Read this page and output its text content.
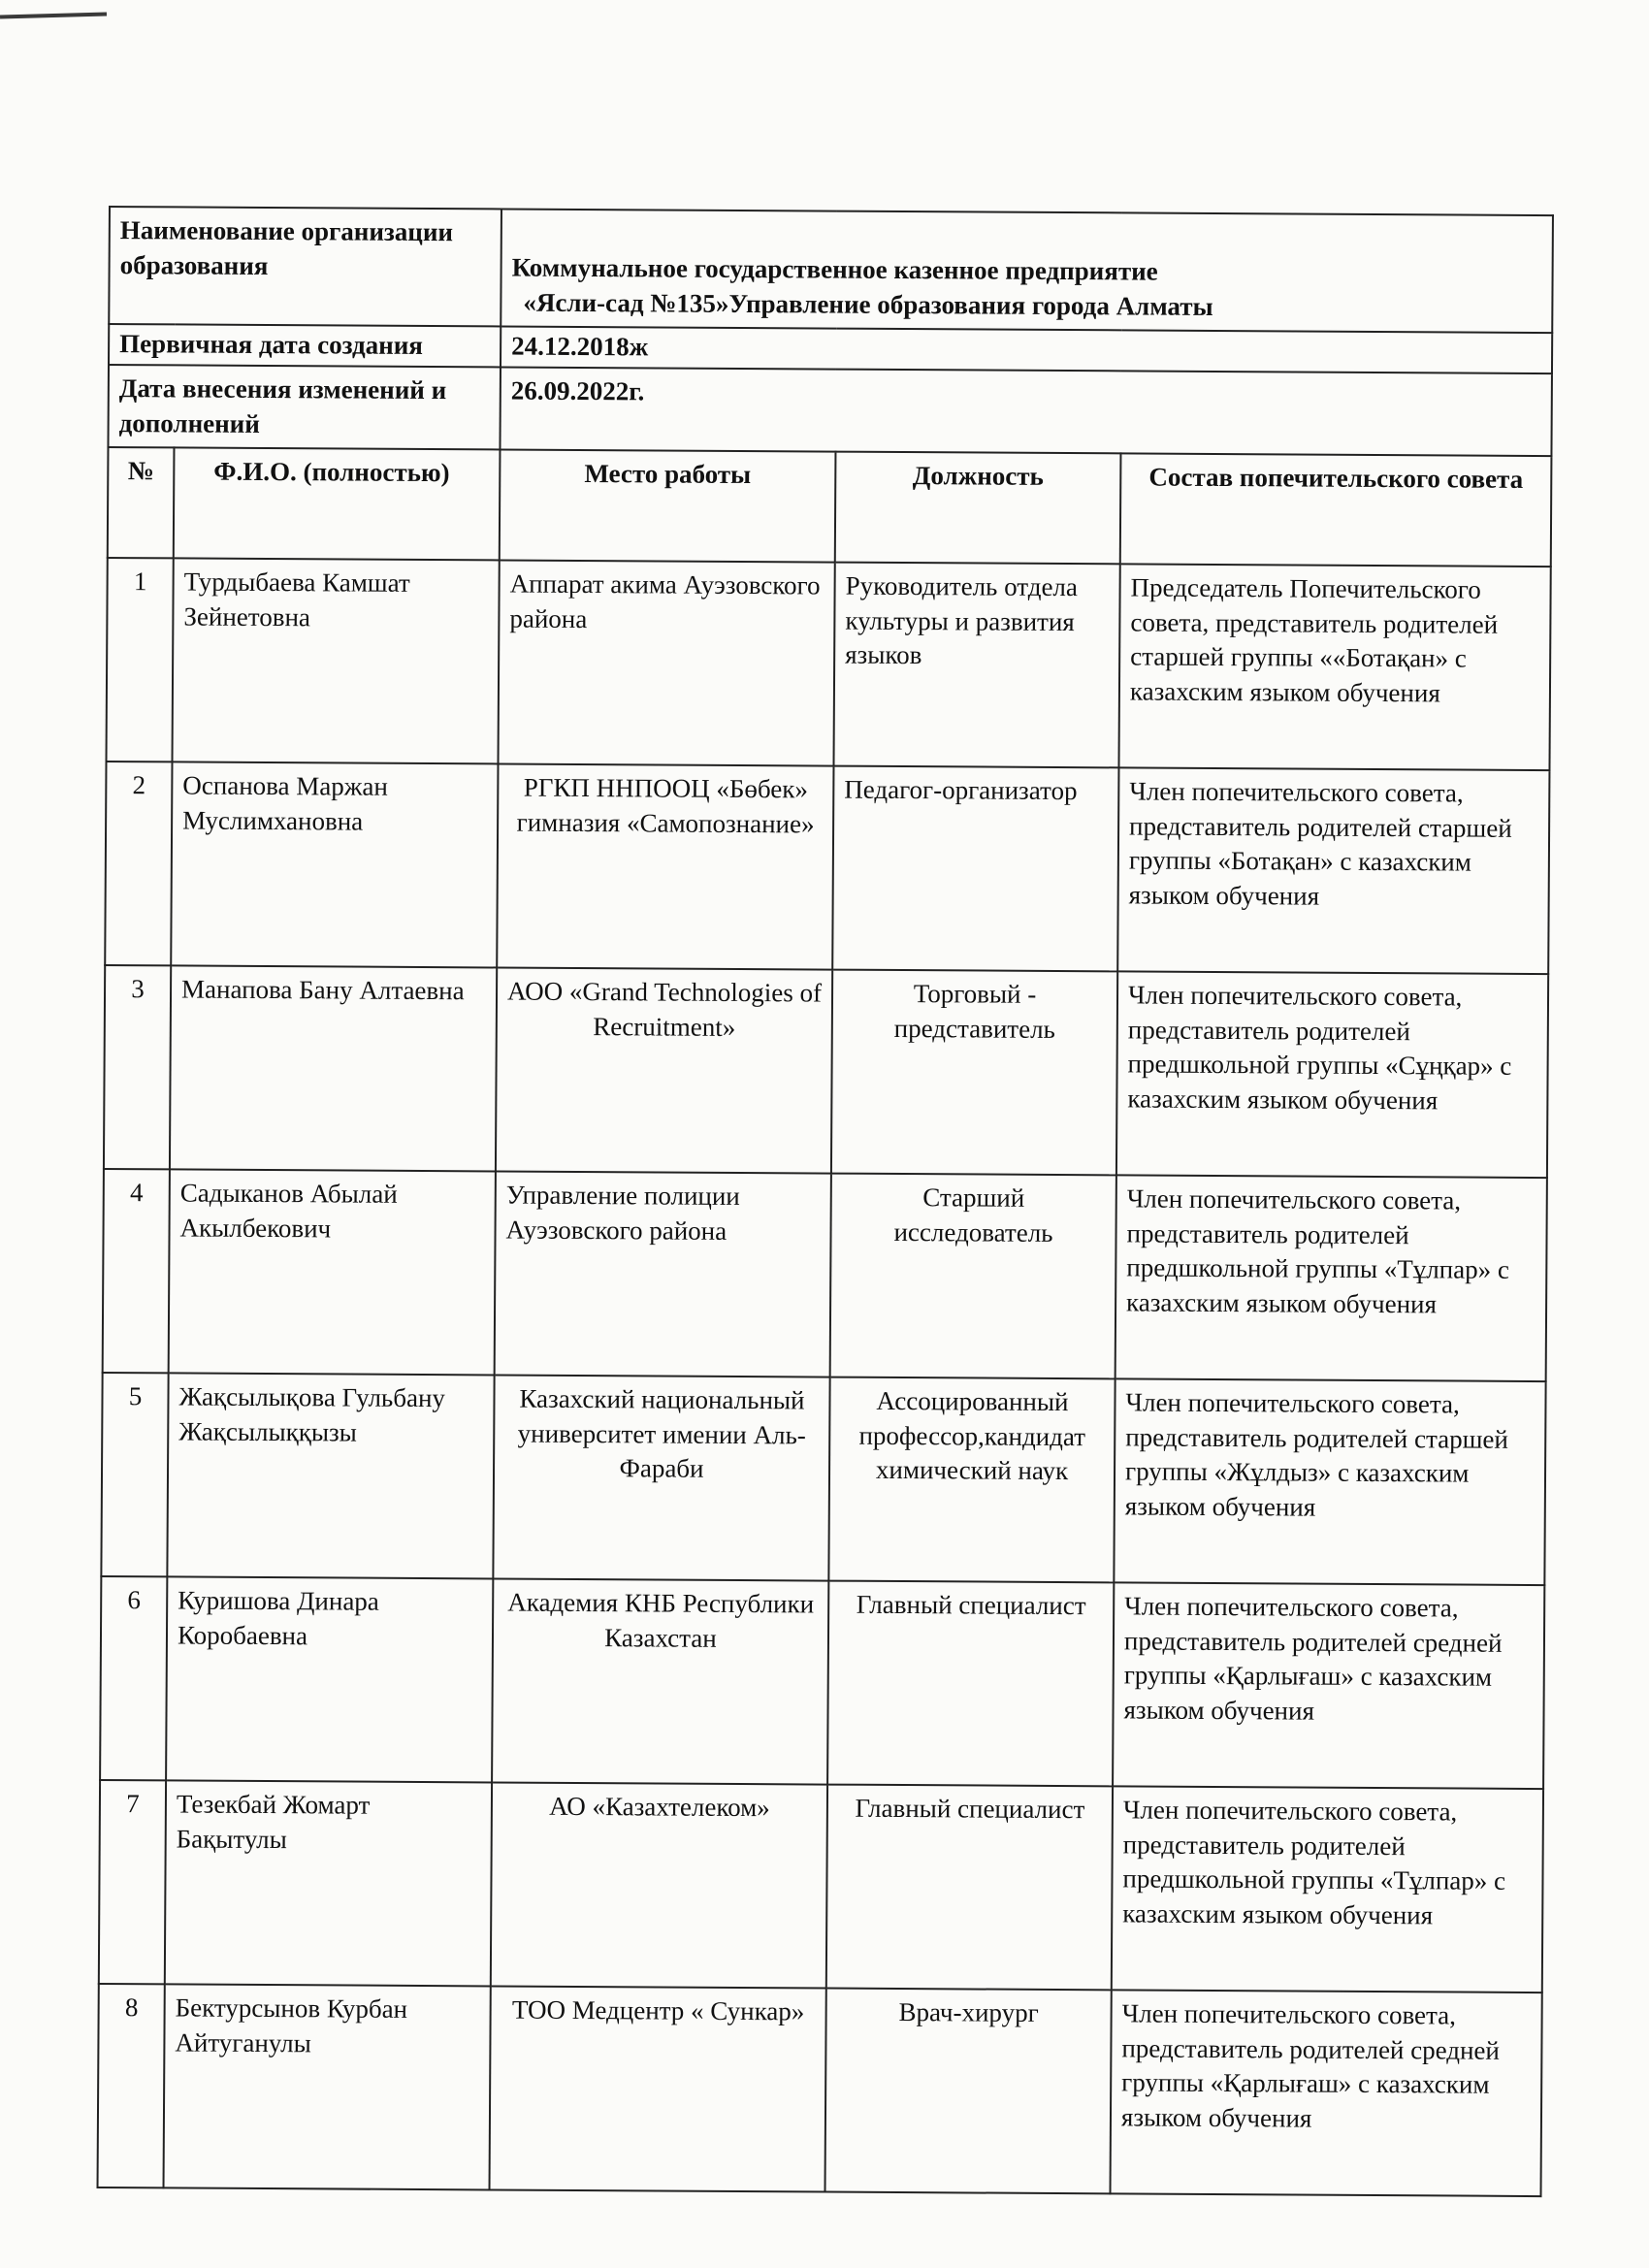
Наименование организации образования		Коммунальное государственное казенное предприятие
«Ясли-сад №135»Управление образования города Алматы		

Первичная дата создания		24.12.2018ж		
Дата внесения изменений и дополнений		26.09.2022г.		
№	Ф.И.О. (полностью)	Место работы	Должность	Состав попечительского совета
1	Турдыбаева Камшат Зейнетовна	Аппарат акима Ауэзовского района	Руководитель отдела культуры и развития языков	Председатель Попечительского совета, представитель родителей старшей группы ««Ботақан» с казахским языком обучения
2	Оспанова Маржан Муслимхановна	РГКП ННПООЦ «Бөбек» гимназия «Самопознание»	Педагог-организатор	Член попечительского совета, представитель родителей старшей группы «Ботақан» с казахским языком обучения
3	Манапова Бану Алтаевна	АОО «Grand Technologies of Recruitment»	Торговый - представитель	Член попечительского совета, представитель родителей предшкольной группы «Сұңқар» с казахским языком обучения
4	Садыканов Абылай Акылбекович	Управление полиции Ауэзовского района	Старший исследователь	Член попечительского совета, представитель родителей предшкольной группы «Тұлпар» с казахским языком обучения
5	Жақсылықова Гульбану Жақсылыққызы	Казахский национальный университет имении Аль-Фараби	Ассоцированный профессор,кандидат химический наук	Член попечительского совета, представитель родителей старшей группы «Жұлдыз» с казахским языком обучения
6	Куришова Динара Коробаевна	Академия КНБ Республики Казахстан	Главный специалист	Член попечительского совета, представитель родителей средней группы «Қарлығаш» с казахским языком обучения
7	Тезекбай Жомарт Бақытулы	АО «Казахтелеком»	Главный специалист	Член попечительского совета, представитель родителей предшкольной группы «Тұлпар» с казахским языком обучения
8	Бектурсынов Курбан Айтуганулы	ТОО Медцентр « Сункар»	Врач-хирург	Член попечительского совета, представитель родителей средней группы «Қарлығаш» с казахским языком обучения
